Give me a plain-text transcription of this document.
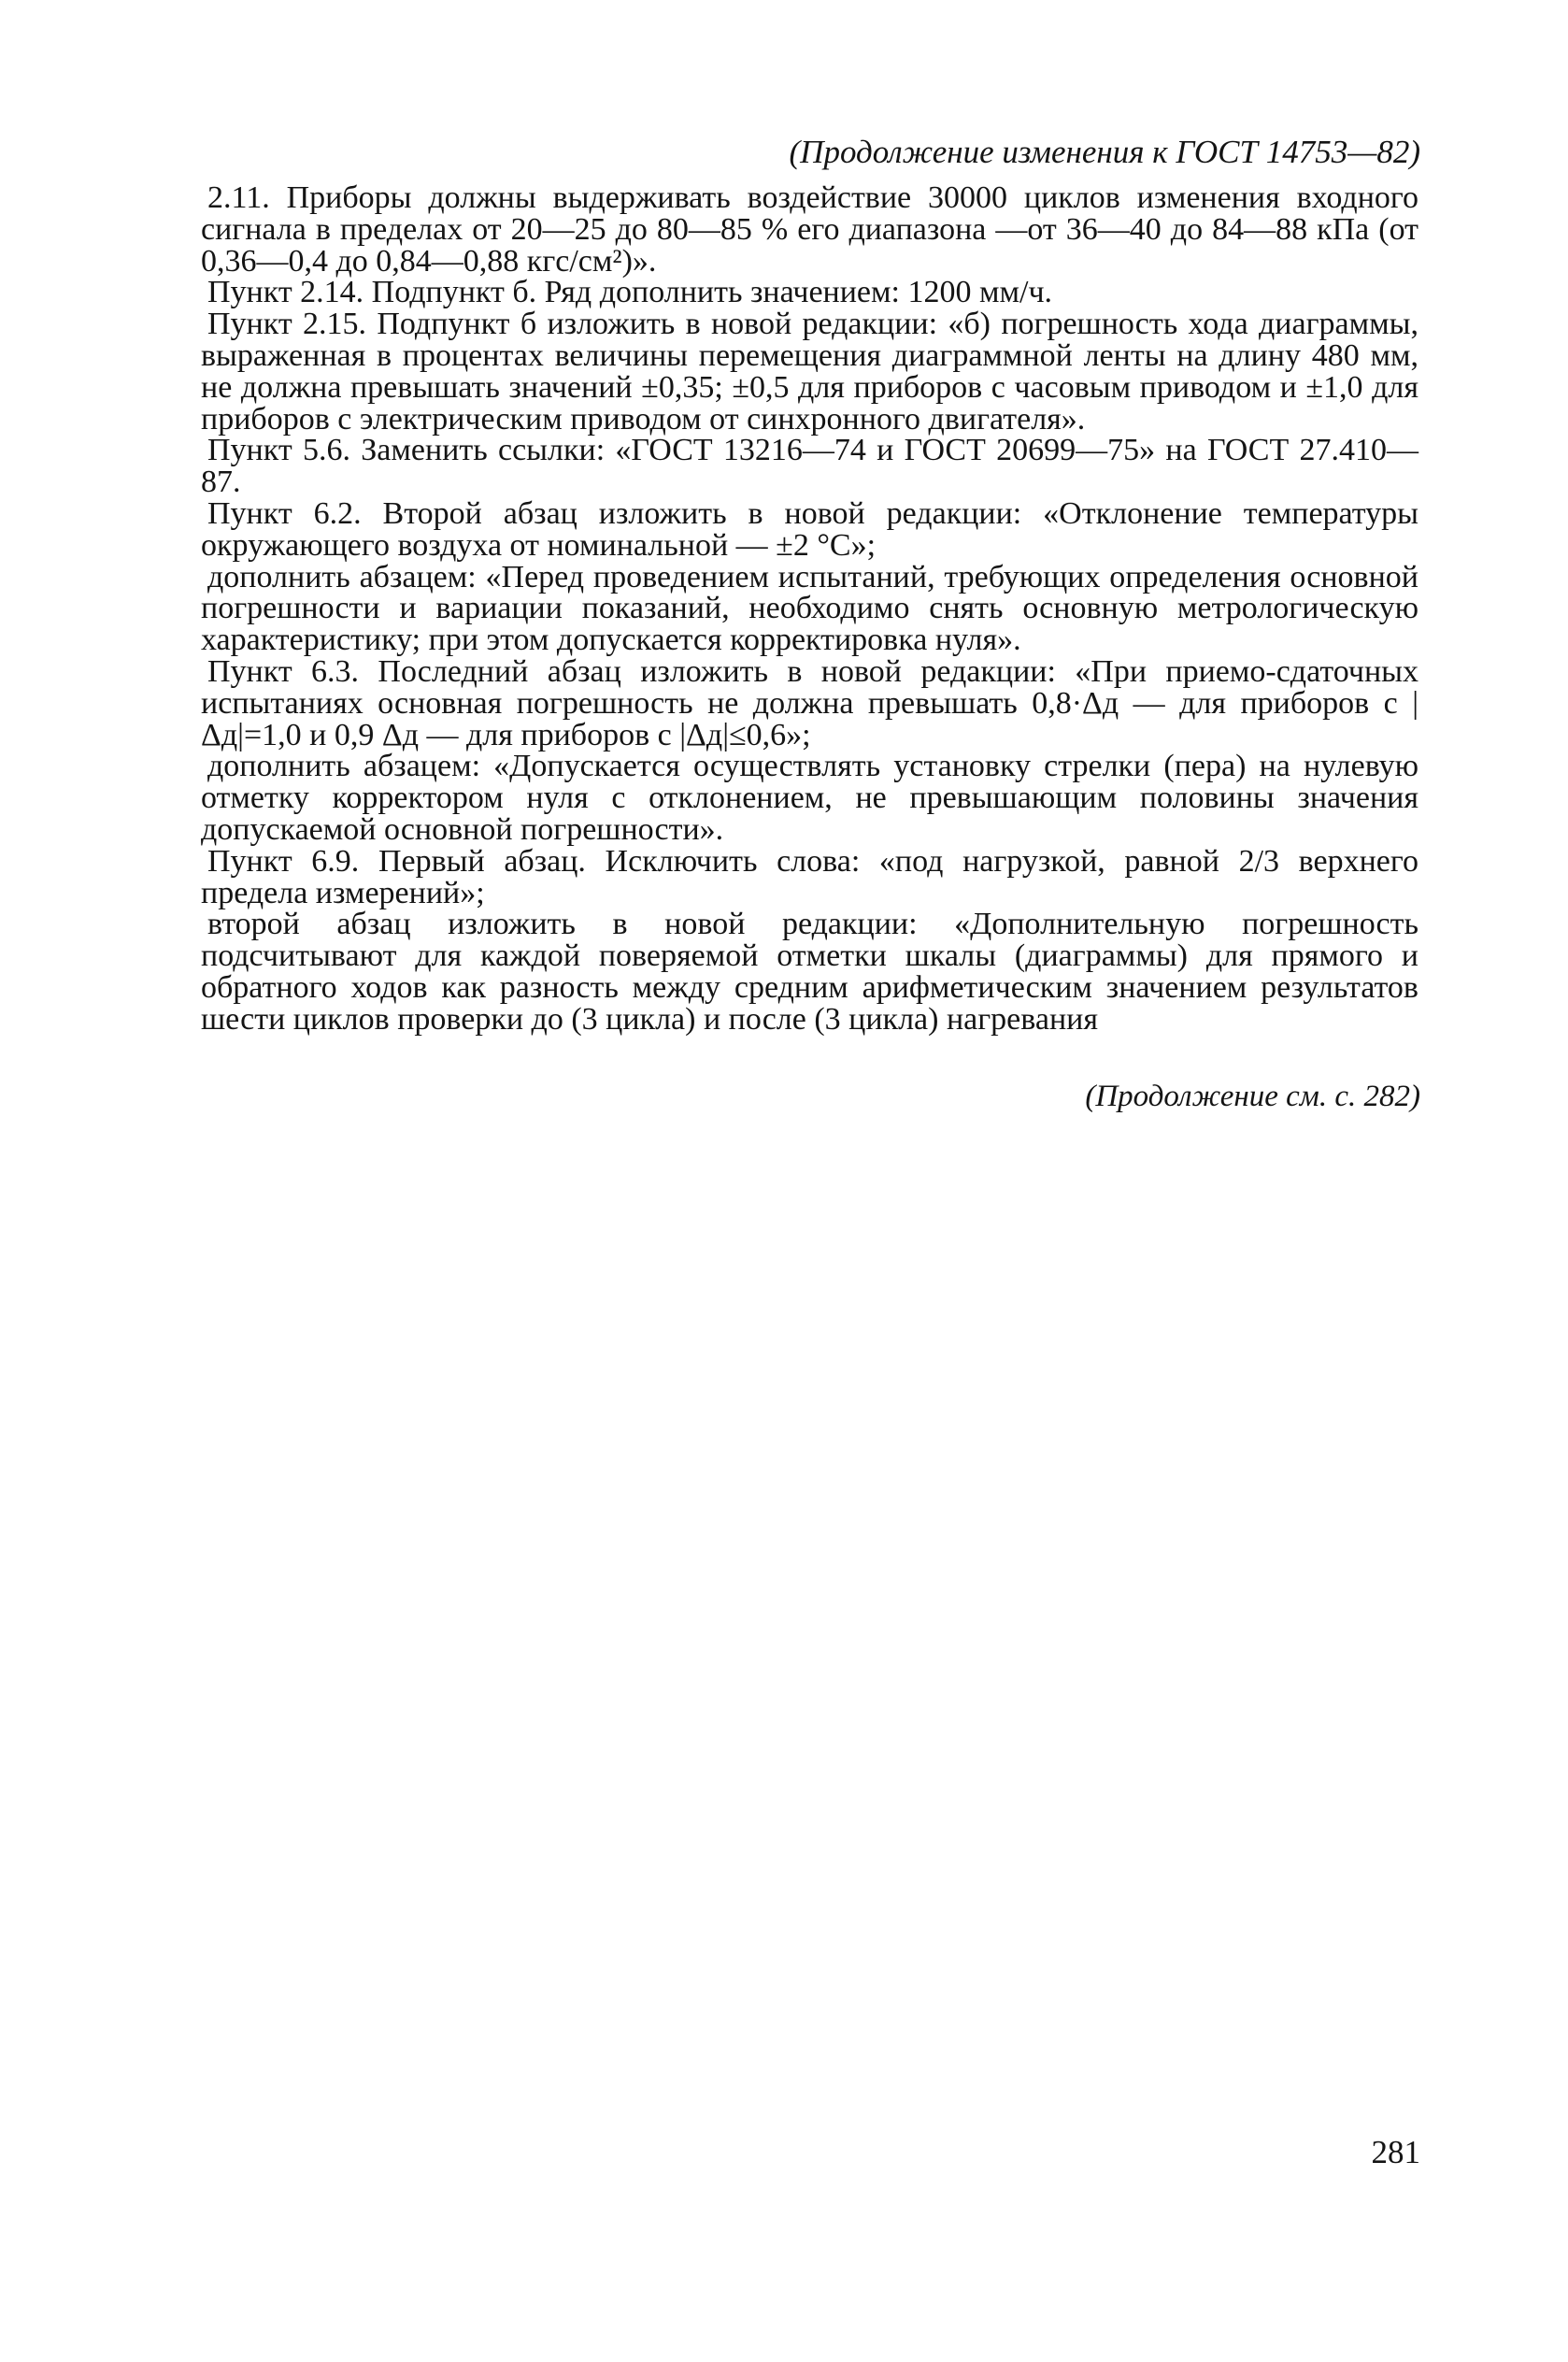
(Продолжение изменения к ГОСТ 14753—82)

2.11. Приборы должны выдерживать воздействие 30000 циклов изменения входного сигнала в пределах от 20—25 до 80—85 % его диапазона —от 36—40 до 84—88 кПа (от 0,36—0,4 до 0,84—0,88 кгс/см²)».

Пункт 2.14. Подпункт б. Ряд дополнить значением: 1200 мм/ч.

Пункт 2.15. Подпункт б изложить в новой редакции: «б) погрешность хода диаграммы, выраженная в процентах величины перемещения диаграммной ленты на длину 480 мм, не должна превышать значений ±0,35; ±0,5 для приборов с часовым приводом и ±1,0 для приборов с электрическим приводом от синхронного двигателя».

Пункт 5.6. Заменить ссылки: «ГОСТ 13216—74 и ГОСТ 20699—75» на ГОСТ 27.410—87.

Пункт 6.2. Второй абзац изложить в новой редакции: «Отклонение температуры окружающего воздуха от номинальной — ±2 °С»;

дополнить абзацем: «Перед проведением испытаний, требующих определения основной погрешности и вариации показаний, необходимо снять основную метрологическую характеристику; при этом допускается корректировка нуля».

Пункт 6.3. Последний абзац изложить в новой редакции: «При приемо-сдаточных испытаниях основная погрешность не должна превышать 0,8·Δд — для приборов с |Δд|=1,0 и 0,9 Δд — для приборов с |Δд|≤0,6»;

дополнить абзацем: «Допускается осуществлять установку стрелки (пера) на нулевую отметку корректором нуля с отклонением, не превышающим половины значения допускаемой основной погрешности».

Пункт 6.9. Первый абзац. Исключить слова: «под нагрузкой, равной 2/3 верхнего предела измерений»;

второй абзац изложить в новой редакции: «Дополнительную погрешность подсчитывают для каждой поверяемой отметки шкалы (диаграммы) для прямого и обратного ходов как разность между средним арифметическим значением результатов шести циклов проверки до (3 цикла) и после (3 цикла) нагревания

(Продолжение см. с. 282)
281
